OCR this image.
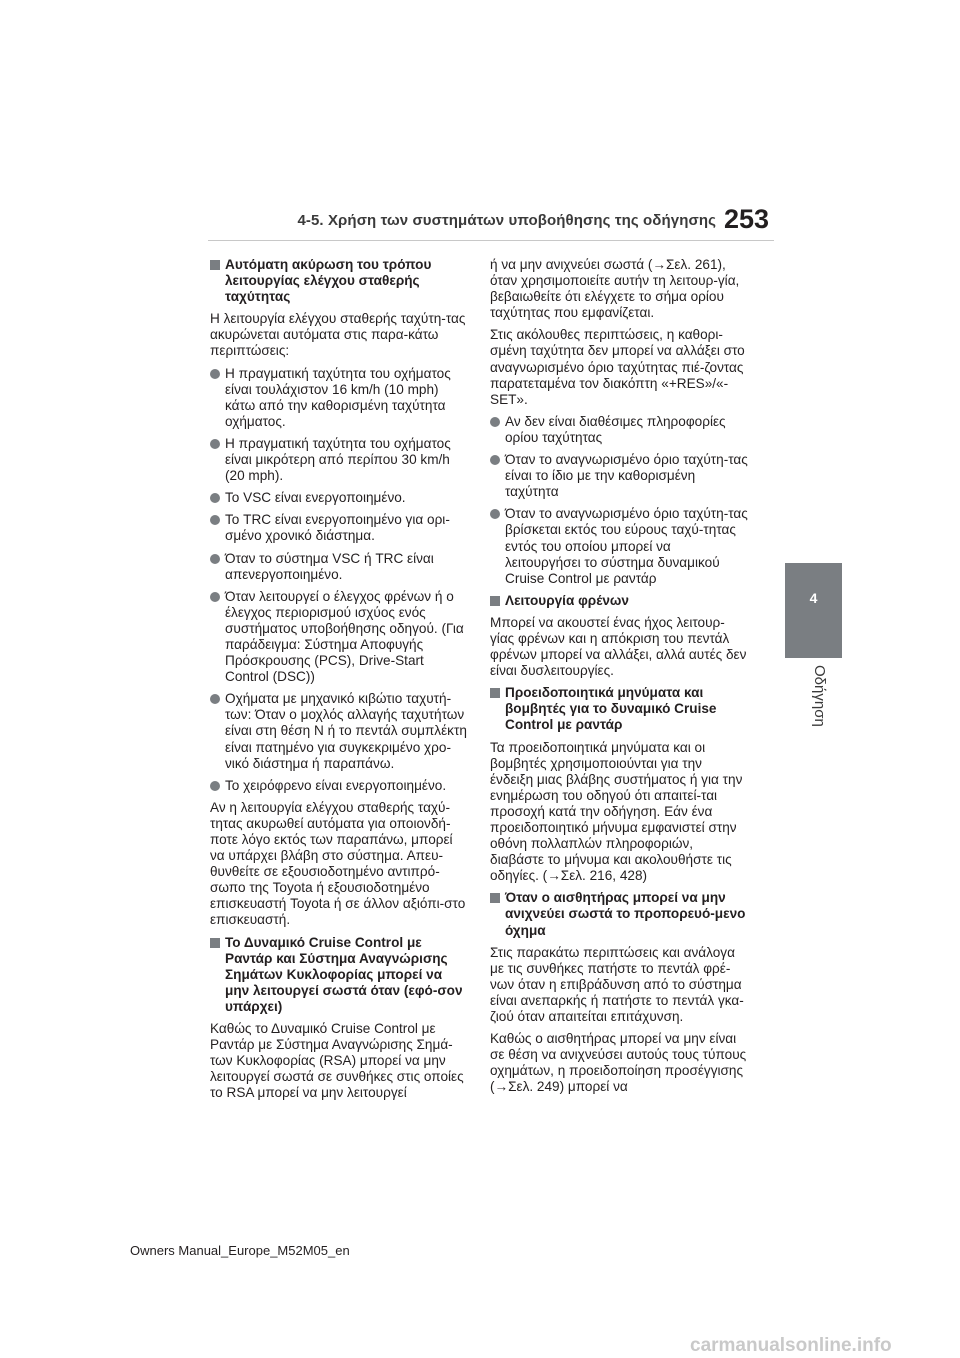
4-5. Χρήση των συστημάτων υποβοήθησης της οδήγησης 253
4
Οδήγηση
Αυτόματη ακύρωση του τρόπου λειτουργίας ελέγχου σταθερής ταχύτητας
Η λειτουργία ελέγχου σταθερής ταχύτη-τας ακυρώνεται αυτόματα στις παρα-κάτω περιπτώσεις:
Η πραγματική ταχύτητα του οχήματος είναι τουλάχιστον 16 km/h (10 mph) κάτω από την καθορισμένη ταχύτητα οχήματος.
Η πραγματική ταχύτητα του οχήματος είναι μικρότερη από περίπου 30 km/h (20 mph).
Το VSC είναι ενεργοποιημένο.
Το TRC είναι ενεργοποιημένο για ορι-σμένο χρονικό διάστημα.
Όταν το σύστημα VSC ή TRC είναι απενεργοποιημένο.
Όταν λειτουργεί ο έλεγχος φρένων ή ο έλεγχος περιορισμού ισχύος ενός συστήματος υποβοήθησης οδηγού. (Για παράδειγμα: Σύστημα Αποφυγής Πρόσκρουσης (PCS), Drive-Start Control (DSC))
Οχήματα με μηχανικό κιβώτιο ταχυτή-των: Όταν ο μοχλός αλλαγής ταχυτήτων είναι στη θέση N ή το πεντάλ συμπλέκτη είναι πατημένο για συγκεκριμένο χρο-νικό διάστημα ή παραπάνω.
Το χειρόφρενο είναι ενεργοποιημένο.
Αν η λειτουργία ελέγχου σταθερής ταχύ-τητας ακυρωθεί αυτόματα για οποιονδή-ποτε λόγο εκτός των παραπάνω, μπορεί να υπάρχει βλάβη στο σύστημα. Απευ-θυνθείτε σε εξουσιοδοτημένο αντιπρό-σωπο της Toyota ή εξουσιοδοτημένο επισκευαστή Toyota ή σε άλλον αξιόπι-στο επισκευαστή.
Το Δυναμικό Cruise Control με Ραντάρ και Σύστημα Αναγνώρισης Σημάτων Κυκλοφορίας μπορεί να μην λειτουργεί σωστά όταν (εφό-σον υπάρχει)
Καθώς το Δυναμικό Cruise Control με Ραντάρ με Σύστημα Αναγνώρισης Σημά-των Κυκλοφορίας (RSA) μπορεί να μην λειτουργεί σωστά σε συνθήκες στις οποίες το RSA μπορεί να μην λειτουργεί
ή να μην ανιχνεύει σωστά (→Σελ. 261), όταν χρησιμοποιείτε αυτήν τη λειτουρ-γία, βεβαιωθείτε ότι ελέγχετε το σήμα ορίου ταχύτητας που εμφανίζεται.
Στις ακόλουθες περιπτώσεις, η καθορι-σμένη ταχύτητα δεν μπορεί να αλλάξει στο αναγνωρισμένο όριο ταχύτητας πιέ-ζοντας παρατεταμένα τον διακόπτη «+RES»/«-SET».
Αν δεν είναι διαθέσιμες πληροφορίες ορίου ταχύτητας
Όταν το αναγνωρισμένο όριο ταχύτη-τας είναι το ίδιο με την καθορισμένη ταχύτητα
Όταν το αναγνωρισμένο όριο ταχύτη-τας βρίσκεται εκτός του εύρους ταχύ-τητας εντός του οποίου μπορεί να λειτουργήσει το σύστημα δυναμικού Cruise Control με ραντάρ
Λειτουργία φρένων
Μπορεί να ακουστεί ένας ήχος λειτουρ-γίας φρένων και η απόκριση του πεντάλ φρένων μπορεί να αλλάξει, αλλά αυτές δεν είναι δυσλειτουργίες.
Προειδοποιητικά μηνύματα και βομβητές για το δυναμικό Cruise Control με ραντάρ
Τα προειδοποιητικά μηνύματα και οι βομβητές χρησιμοποιούνται για την ένδειξη μιας βλάβης συστήματος ή για την ενημέρωση του οδηγού ότι απαιτεί-ται προσοχή κατά την οδήγηση. Εάν ένα προειδοποιητικό μήνυμα εμφανιστεί στην οθόνη πολλαπλών πληροφοριών, διαβάστε το μήνυμα και ακολουθήστε τις οδηγίες. (→Σελ. 216, 428)
Όταν ο αισθητήρας μπορεί να μην ανιχνεύει σωστά το προπορευό-μενο όχημα
Στις παρακάτω περιπτώσεις και ανάλογα με τις συνθήκες πατήστε το πεντάλ φρέ-νων όταν η επιβράδυνση από το σύστημα είναι ανεπαρκής ή πατήστε το πεντάλ γκα-ζιού όταν απαιτείται επιτάχυνση.
Καθώς ο αισθητήρας μπορεί να μην είναι σε θέση να ανιχνεύσει αυτούς τους τύπους οχημάτων, η προειδοποίηση προσέγγισης (→Σελ. 249) μπορεί να
Owners Manual_Europe_M52M05_en
carmanualsonline.info
